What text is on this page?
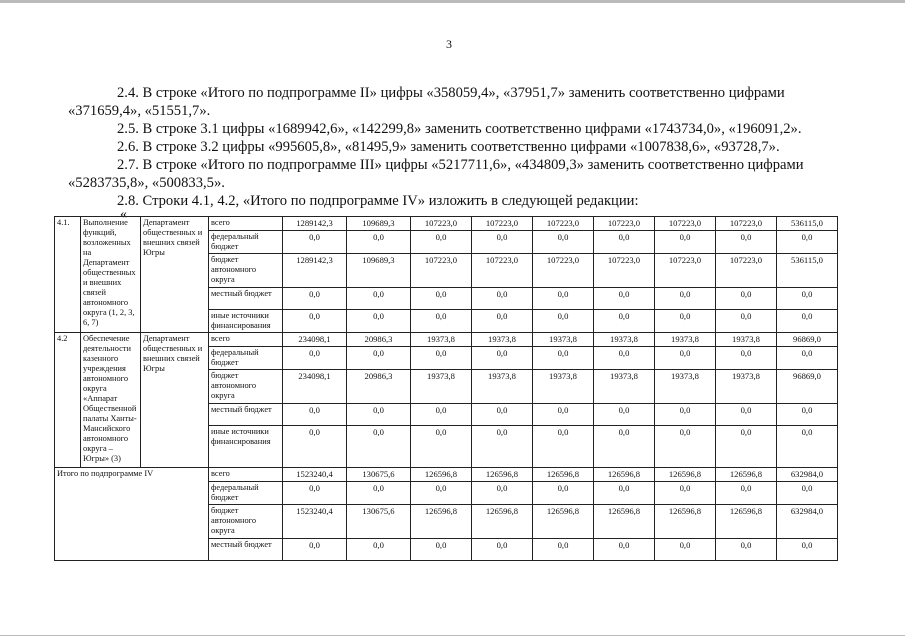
3
2.4. В строке «Итого по подпрограмме II» цифры «358059,4», «37951,7» заменить соответственно цифрами
«371659,4», «51551,7».
2.5. В строке 3.1 цифры «1689942,6», «142299,8» заменить соответственно цифрами «1743734,0», «196091,2».
2.6. В строке 3.2 цифры «995605,8», «81495,9» заменить соответственно цифрами «1007838,6», «93728,7».
2.7. В строке «Итого по подпрограмме III» цифры «5217711,6», «434809,3» заменить соответственно цифрами
«5283735,8», «500833,5».
2.8. Строки 4.1, 4.2, «Итого по подпрограмме IV» изложить в следующей редакции:
«
4.1.	Выполнение функций, возложенных на Департамент общественных и внешних связей автономного округа (1, 2, 3, 6, 7)	Департамент общественных и внешних связей Югры	всего	1289142,3	109689,3	107223,0	107223,0	107223,0	107223,0	107223,0	107223,0	536115,0
			федеральный бюджет	0,0	0,0	0,0	0,0	0,0	0,0	0,0	0,0	0,0
			бюджет автономного округа	1289142,3	109689,3	107223,0	107223,0	107223,0	107223,0	107223,0	107223,0	536115,0
			местный бюджет	0,0	0,0	0,0	0,0	0,0	0,0	0,0	0,0	0,0
			иные источники финансирования	0,0	0,0	0,0	0,0	0,0	0,0	0,0	0,0	0,0
4.2	Обеспечение деятельности казенного учреждения автономного округа «Аппарат Общественной палаты Ханты-Мансийского автономного округа – Югры» (3)	Департамент общественных и внешних связей Югры	всего	234098,1	20986,3	19373,8	19373,8	19373,8	19373,8	19373,8	19373,8	96869,0
			федеральный бюджет	0,0	0,0	0,0	0,0	0,0	0,0	0,0	0,0	0,0
			бюджет автономного округа	234098,1	20986,3	19373,8	19373,8	19373,8	19373,8	19373,8	19373,8	96869,0
			местный бюджет	0,0	0,0	0,0	0,0	0,0	0,0	0,0	0,0	0,0
			иные источники финансирования	0,0	0,0	0,0	0,0	0,0	0,0	0,0	0,0	0,0
Итого по подпрограмме IV			всего	1523240,4	130675,6	126596,8	126596,8	126596,8	126596,8	126596,8	126596,8	632984,0
			федеральный бюджет	0,0	0,0	0,0	0,0	0,0	0,0	0,0	0,0	0,0
			бюджет автономного округа	1523240,4	130675,6	126596,8	126596,8	126596,8	126596,8	126596,8	126596,8	632984,0
			местный бюджет	0,0	0,0	0,0	0,0	0,0	0,0	0,0	0,0	0,0
